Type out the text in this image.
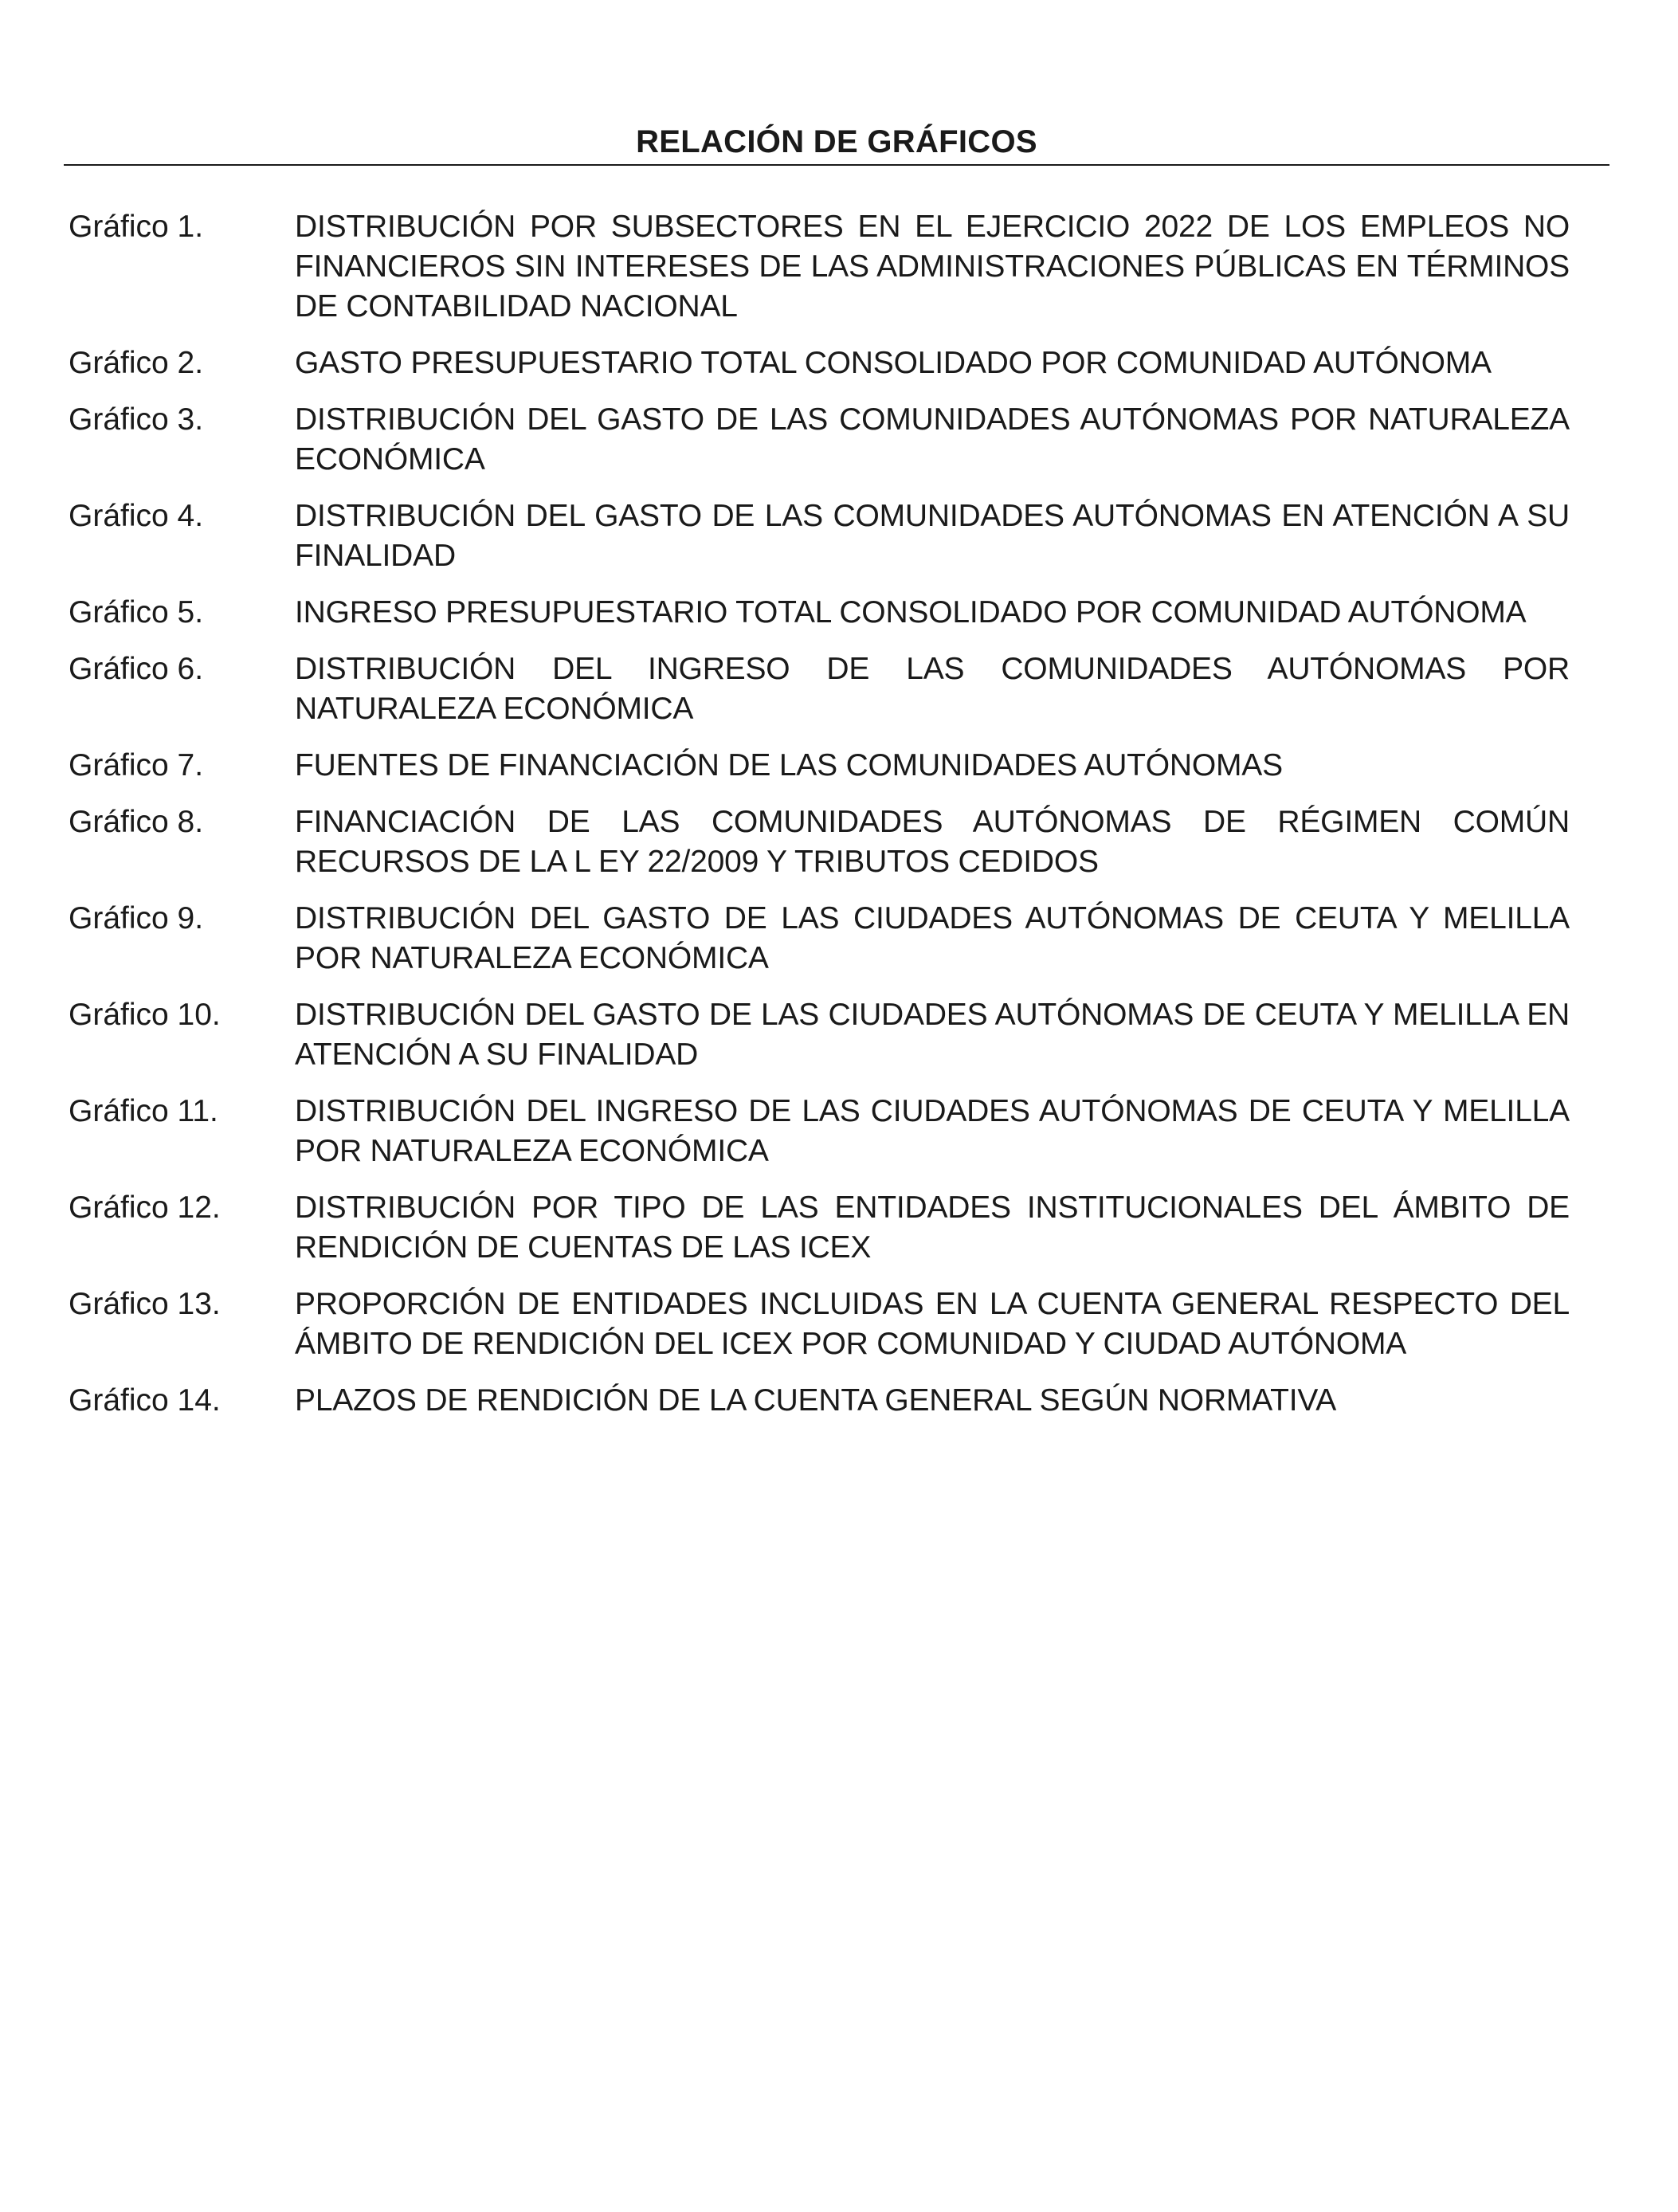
RELACIÓN DE GRÁFICOS
Gráfico 1.	DISTRIBUCIÓN POR SUBSECTORES EN EL EJERCICIO 2022 DE LOS EMPLEOS NO FINANCIEROS SIN INTERESES DE LAS ADMINISTRACIONES PÚBLICAS EN TÉRMINOS DE CONTABILIDAD NACIONAL
Gráfico 2.	GASTO PRESUPUESTARIO TOTAL CONSOLIDADO POR COMUNIDAD AUTÓNOMA
Gráfico 3.	DISTRIBUCIÓN DEL GASTO DE LAS COMUNIDADES AUTÓNOMAS POR NATURALEZA ECONÓMICA
Gráfico 4.	DISTRIBUCIÓN DEL GASTO DE LAS COMUNIDADES AUTÓNOMAS EN ATENCIÓN A SU FINALIDAD
Gráfico 5.	INGRESO PRESUPUESTARIO TOTAL CONSOLIDADO POR COMUNIDAD AUTÓNOMA
Gráfico 6.	DISTRIBUCIÓN DEL INGRESO DE LAS COMUNIDADES AUTÓNOMAS POR NATURALEZA ECONÓMICA
Gráfico 7.	FUENTES DE FINANCIACIÓN DE LAS COMUNIDADES AUTÓNOMAS
Gráfico 8.	FINANCIACIÓN DE LAS COMUNIDADES AUTÓNOMAS DE RÉGIMEN COMÚN RECURSOS DE LA L EY 22/2009 Y TRIBUTOS CEDIDOS
Gráfico 9.	DISTRIBUCIÓN DEL GASTO DE LAS CIUDADES AUTÓNOMAS DE CEUTA Y MELILLA POR NATURALEZA ECONÓMICA
Gráfico 10.	DISTRIBUCIÓN DEL GASTO DE LAS CIUDADES AUTÓNOMAS DE CEUTA Y MELILLA EN ATENCIÓN A SU FINALIDAD
Gráfico 11.	DISTRIBUCIÓN DEL INGRESO DE LAS CIUDADES AUTÓNOMAS DE CEUTA Y MELILLA POR NATURALEZA ECONÓMICA
Gráfico 12.	DISTRIBUCIÓN POR TIPO DE LAS ENTIDADES INSTITUCIONALES DEL ÁMBITO DE RENDICIÓN DE CUENTAS DE LAS ICEX
Gráfico 13.	PROPORCIÓN DE ENTIDADES INCLUIDAS EN LA CUENTA GENERAL RESPECTO DEL ÁMBITO DE RENDICIÓN DEL ICEX POR COMUNIDAD Y CIUDAD AUTÓNOMA
Gráfico 14.	PLAZOS DE RENDICIÓN DE LA CUENTA GENERAL SEGÚN NORMATIVA
